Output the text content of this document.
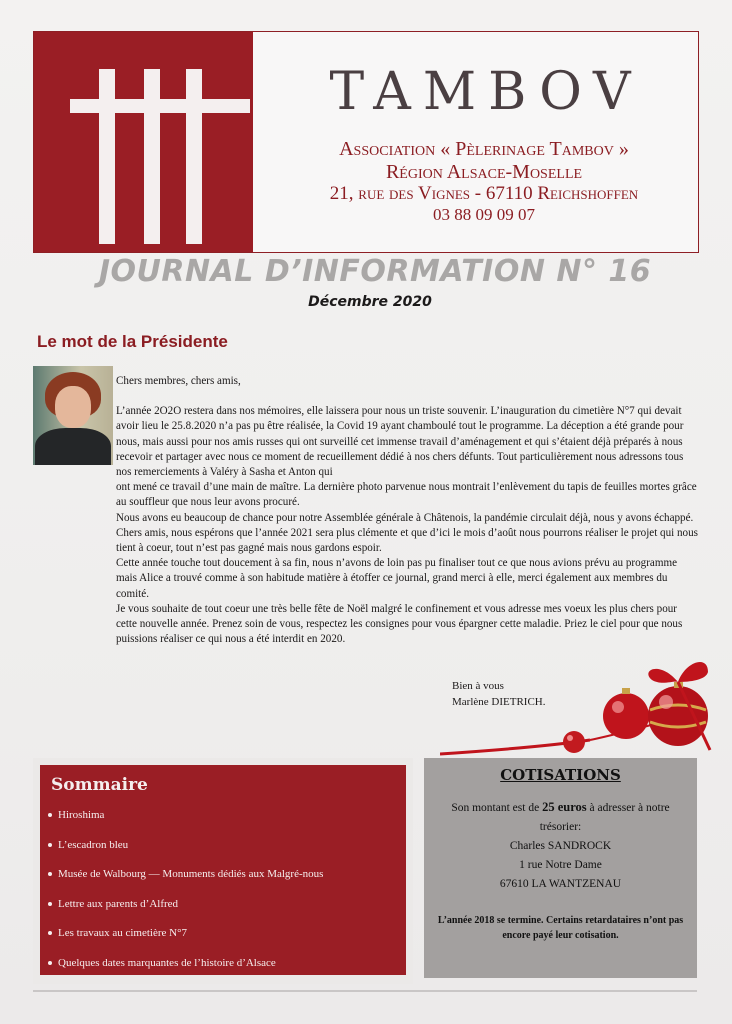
TAMBOV
Association « Pèlerinage Tambov »
Région Alsace-Moselle
21, rue des Vignes - 67110 Reichshoffen
03 88 09 09 07
JOURNAL D’INFORMATION N° 16
Décembre 2020
Le mot de la Présidente

Chers membres, chers amis,

L’année 2O2O restera dans nos mémoires, elle laissera pour nous un triste souvenir. L’inauguration du cimetière N°7 qui devait avoir lieu le 25.8.2020 n’a pas pu être réalisée, la Covid 19 ayant chamboulé tout le programme. La déception a été grande pour nous, mais aussi pour nos amis russes qui ont surveillé cet immense travail d’aménagement et qui s’étaient déjà préparés à nous recevoir et partager avec nous ce moment de recueillement dédié à nos chers défunts. Tout particulièrement nous adressons tous nos remerciements à Valéry à Sasha et Anton qui

ont mené ce travail d’une main de maître. La dernière photo parvenue nous montrait l’enlèvement du tapis de feuilles mortes grâce au souffleur que nous leur avons procuré.

Nous avons eu beaucoup de chance pour notre Assemblée générale à Châtenois, la pandémie circulait déjà, nous y avons échappé.

Chers amis, nous espérons que l’année 2021 sera plus clémente et que d’ici le mois d’août nous pourrons réaliser le projet qui nous tient à coeur, tout n’est pas gagné mais nous gardons espoir.

Cette année touche tout doucement à sa fin, nous n’avons de loin pas pu finaliser tout ce que nous avions prévu au programme mais Alice a trouvé comme à son habitude matière à étoffer ce journal, grand merci à elle, merci également aux membres du comité.

Je vous souhaite de tout coeur une très belle fête de Noël malgré le confinement et vous adresse mes voeux les plus chers pour cette nouvelle année. Prenez soin de vous, respectez les consignes pour vous épargner cette maladie. Priez le ciel pour que nous puissions réaliser ce qui nous a été interdit en 2020.

Bien à vous
Marlène DIETRICH.
Sommaire
Hiroshima
L’escadron bleu
Musée de Walbourg — Monuments dédiés aux Malgré-nous
Lettre aux parents d’Alfred
Les travaux au cimetière N°7
Quelques dates marquantes de l’histoire d’Alsace
COTISATIONS
Son montant est de 25 euros à adresser à notre
trésorier:
Charles SANDROCK
1 rue Notre Dame
67610 LA WANTZENAU
L’année 2018 se termine. Certains retardataires n’ont pas encore payé leur cotisation.
